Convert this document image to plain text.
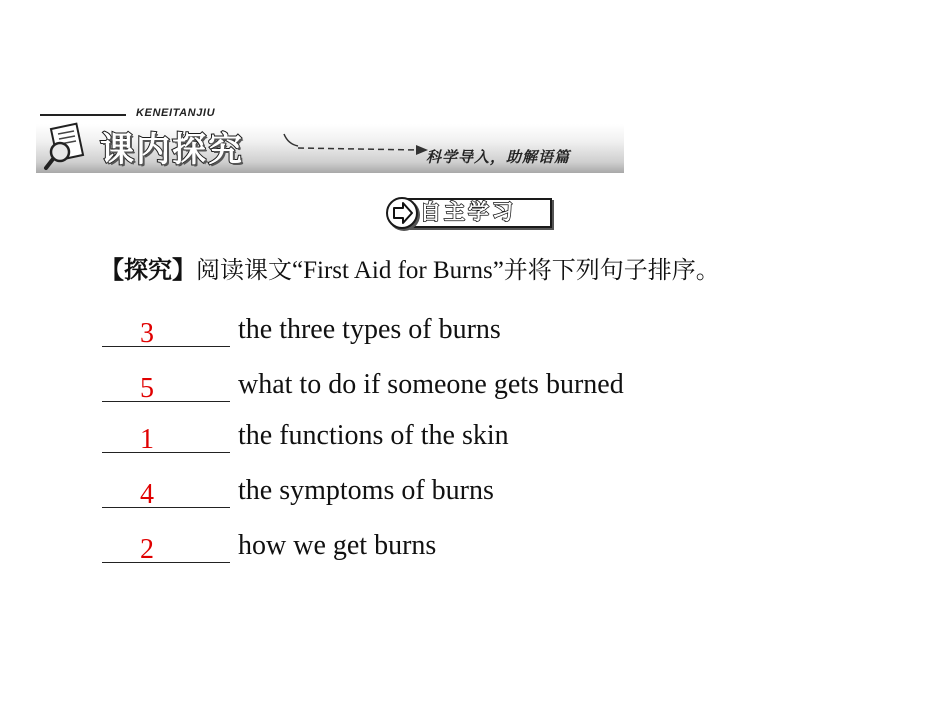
KENEITANJIU
课内探究	科学导入，助解语篇
自主学习
【探究】阅读课文“First Aid for Burns”并将下列句子排序。
3	the three types of burns
5	what to do if someone gets burned
1	the functions of the skin
4	the symptoms of burns
2	how we get burns
